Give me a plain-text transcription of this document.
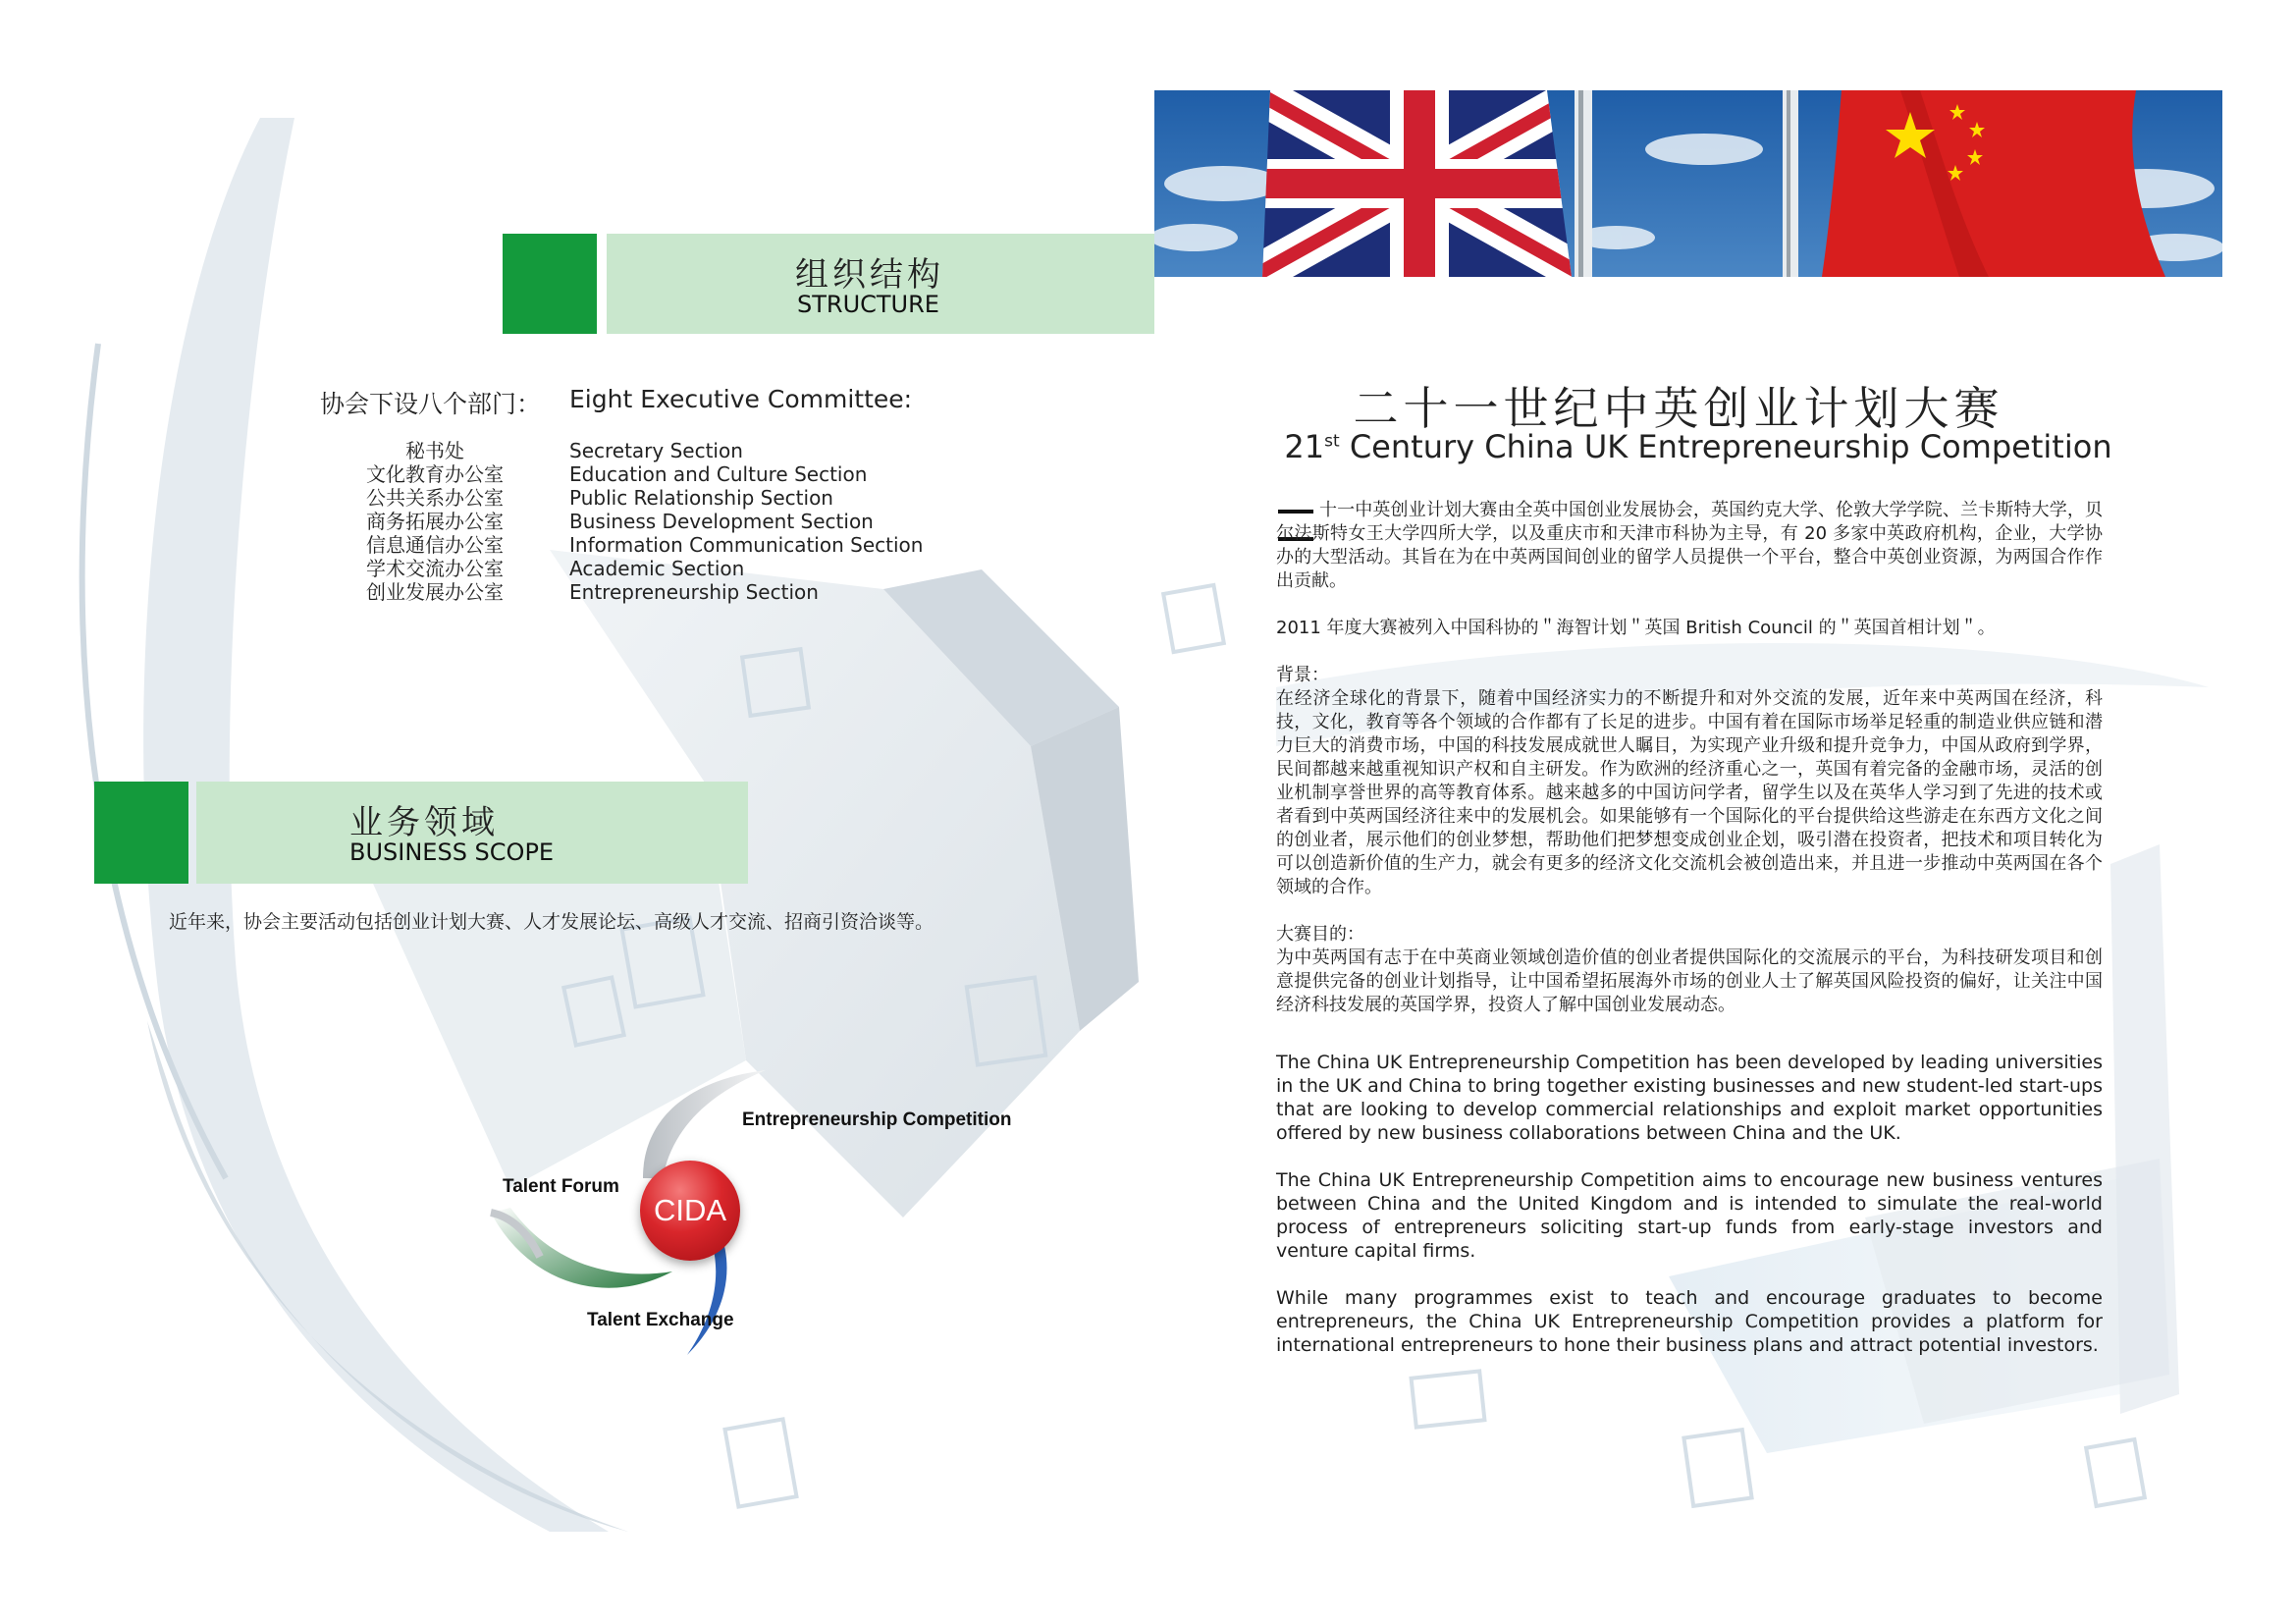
组织结构
STRUCTURE
协会下设八个部门： Eight Executive Committee:
秘书处
文化教育办公室
公共关系办公室
商务拓展办公室
信息通信办公室
学术交流办公室
创业发展办公室
Secretary Section
Education and Culture Section
Public Relationship Section
Business Development Section
Information Communication Section
Academic Section
Entrepreneurship Section
业务领域
BUSINESS SCOPE
近年来，协会主要活动包括创业计划大赛、人才发展论坛、高级人才交流、招商引资洽谈等。
CIDA
Entrepreneurship Competition
Talent Forum
Talent Exchange
二十一世纪中英创业计划大赛
21st Century China UK Entrepreneurship Competition
十一中英创业计划大赛由全英中国创业发展协会，英国约克大学、伦敦大学学院、兰卡斯特大学，贝尔法斯特女王大学四所大学，以及重庆市和天津市科协为主导，有 20 多家中英政府机构，企业，大学协办的大型活动。其旨在为在中英两国间创业的留学人员提供一个平台，整合中英创业资源，为两国合作作出贡献。
2011 年度大赛被列入中国科协的＂海智计划＂英国 British Council 的＂英国首相计划＂。
背景：
在经济全球化的背景下，随着中国经济实力的不断提升和对外交流的发展，近年来中英两国在经济，科技，文化，教育等各个领域的合作都有了长足的进步。中国有着在国际市场举足轻重的制造业供应链和潜力巨大的消费市场，中国的科技发展成就世人瞩目，为实现产业升级和提升竞争力，中国从政府到学界，民间都越来越重视知识产权和自主研发。作为欧洲的经济重心之一，英国有着完备的金融市场，灵活的创业机制享誉世界的高等教育体系。越来越多的中国访问学者，留学生以及在英华人学习到了先进的技术或者看到中英两国经济往来中的发展机会。如果能够有一个国际化的平台提供给这些游走在东西方文化之间的创业者，展示他们的创业梦想，帮助他们把梦想变成创业企划，吸引潜在投资者，把技术和项目转化为可以创造新价值的生产力，就会有更多的经济文化交流机会被创造出来，并且进一步推动中英两国在各个领域的合作。
大赛目的：
为中英两国有志于在中英商业领域创造价值的创业者提供国际化的交流展示的平台，为科技研发项目和创意提供完备的创业计划指导，让中国希望拓展海外市场的创业人士了解英国风险投资的偏好，让关注中国经济科技发展的英国学界，投资人了解中国创业发展动态。
The China UK Entrepreneurship Competition has been developed by leading universities in the UK and China to bring together existing businesses and new student-led start-ups that are looking to develop commercial relationships and exploit market opportunities offered by new business collaborations between China and the UK.
The China UK Entrepreneurship Competition aims to encourage new business ventures between China and the United Kingdom and is intended to simulate the real-world process of entrepreneurs soliciting start-up funds from early-stage investors and venture capital firms.
While many programmes exist to teach and encourage graduates to become entrepreneurs, the China UK Entrepreneurship Competition provides a platform for international entrepreneurs to hone their business plans and attract potential investors.
